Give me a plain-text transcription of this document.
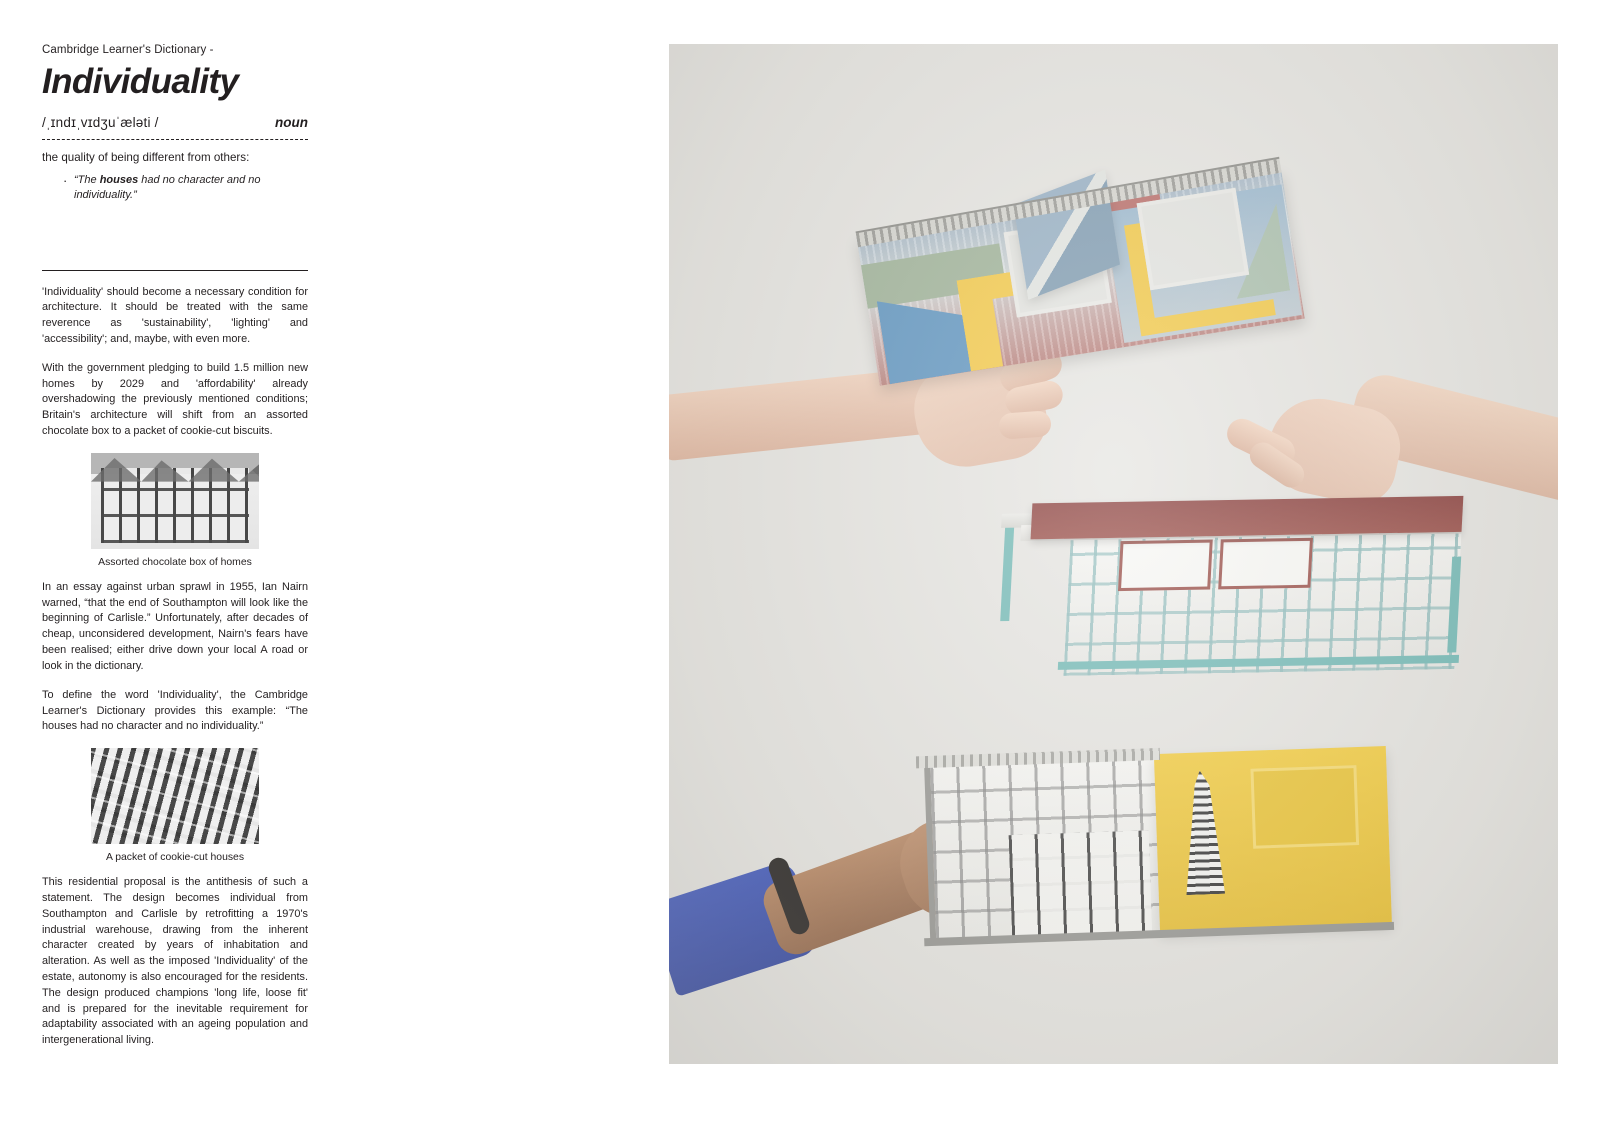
Cambridge Learner's Dictionary -
Individuality
/ˌɪndɪˌvɪdʒuˈæləti /	noun
the quality of being different from others:
· “The houses had no character and no individuality.”

'Individuality' should become a necessary condition for architecture. It should be treated with the same reverence as 'sustainability', 'lighting' and 'accessibility'; and, maybe, with even more.

With the government pledging to build 1.5 million new homes by 2029 and 'affordability' already overshadowing the previously mentioned conditions; Britain's architecture will shift from an assorted chocolate box to a packet of cookie-cut biscuits.

Assorted chocolate box of homes

In an essay against urban sprawl in 1955, Ian Nairn warned, “that the end of Southampton will look like the beginning of Carlisle.” Unfortunately, after decades of cheap, unconsidered development, Nairn's fears have been realised; either drive down your local A road or look in the dictionary.

To define the word 'Individuality', the Cambridge Learner's Dictionary provides this example: “The houses had no character and no individuality.”

A packet of cookie-cut houses

This residential proposal is the antithesis of such a statement. The design becomes individual from Southampton and Carlisle by retrofitting a 1970's industrial warehouse, drawing from the inherent character created by years of inhabitation and alteration. As well as the imposed 'Individuality' of the estate, autonomy is also encouraged for the residents. The design produced champions 'long life, loose fit' and is prepared for the inevitable requirement for adaptability associated with an ageing population and intergenerational living.
